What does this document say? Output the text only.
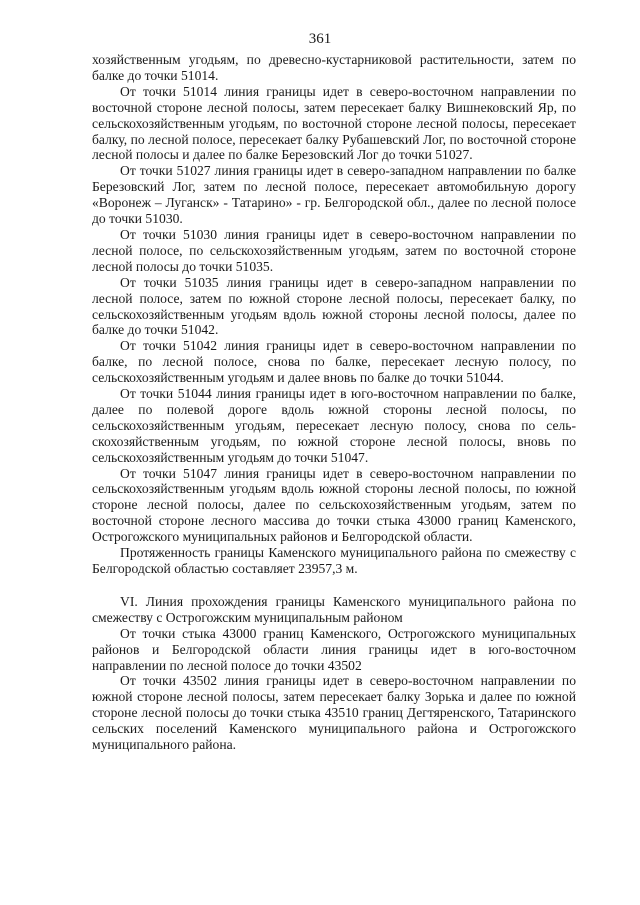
361

хозяйственным угодьям, по древесно-кустарниковой растительности, затем по балке до точки 51014.

От точки 51014 линия границы идет в северо-восточном направлении по восточной стороне лесной полосы, затем пересекает балку Вишнековский Яр, по сельскохозяйственным угодьям, по восточной стороне лесной полосы, пересекает балку, по лесной полосе, пересекает балку Рубашевский Лог, по восточной стороне лесной полосы и далее по балке Березовский Лог до точки 51027.

От точки 51027 линия границы идет в северо-западном направлении по балке Березовский Лог, затем по лесной полосе, пересекает автомобильную дорогу «Воронеж – Луганск» - Татарино» - гр. Белгородской обл., далее по лесной полосе до точки 51030.

От точки 51030 линия границы идет в северо-восточном направлении по лесной полосе, по сельскохозяйственным угодьям, затем по восточной стороне лесной полосы до точки 51035.

От точки 51035 линия границы идет в северо-западном направлении по лесной полосе, затем по южной стороне лесной полосы, пересекает балку, по сельскохозяйственным угодьям вдоль южной стороны лесной полосы, далее по балке до точки 51042.

От точки 51042 линия границы идет в северо-восточном направлении по балке, по лесной полосе, снова по балке, пересекает лесную полосу, по сельскохозяйственным угодьям и далее вновь по балке до точки 51044.

От точки 51044 линия границы идет в юго-восточном направлении по балке, далее по полевой дороге вдоль южной стороны лесной полосы, по сельскохозяйственным угодьям, пересекает лесную полосу, снова по сельскохозяйственным угодьям, по южной стороне лесной полосы, вновь по сельскохозяйственным угодьям до точки 51047.

От точки 51047 линия границы идет в северо-восточном направлении по сельскохозяйственным угодьям вдоль южной стороны лесной полосы, по южной стороне лесной полосы, далее по сельскохозяйственным угодьям, затем по восточной стороне лесного массива до точки стыка 43000 границ Каменского, Острогожского муниципальных районов и Белгородской области.

Протяженность границы Каменского муниципального района по смежеству с Белгородской областью составляет 23957,3 м.

VI. Линия прохождения границы Каменского муниципального района по смежеству с Острогожским муниципальным районом

От точки стыка 43000 границ Каменского, Острогожского муниципальных районов и Белгородской области линия границы идет в юго-восточном направлении по лесной полосе до точки 43502

От точки 43502 линия границы идет в северо-восточном направлении по южной стороне лесной полосы, затем пересекает балку Зорька и далее по южной стороне лесной полосы до точки стыка 43510 границ Дегтяренского, Татаринского сельских поселений Каменского муниципального района и Острогожского муниципального района.
